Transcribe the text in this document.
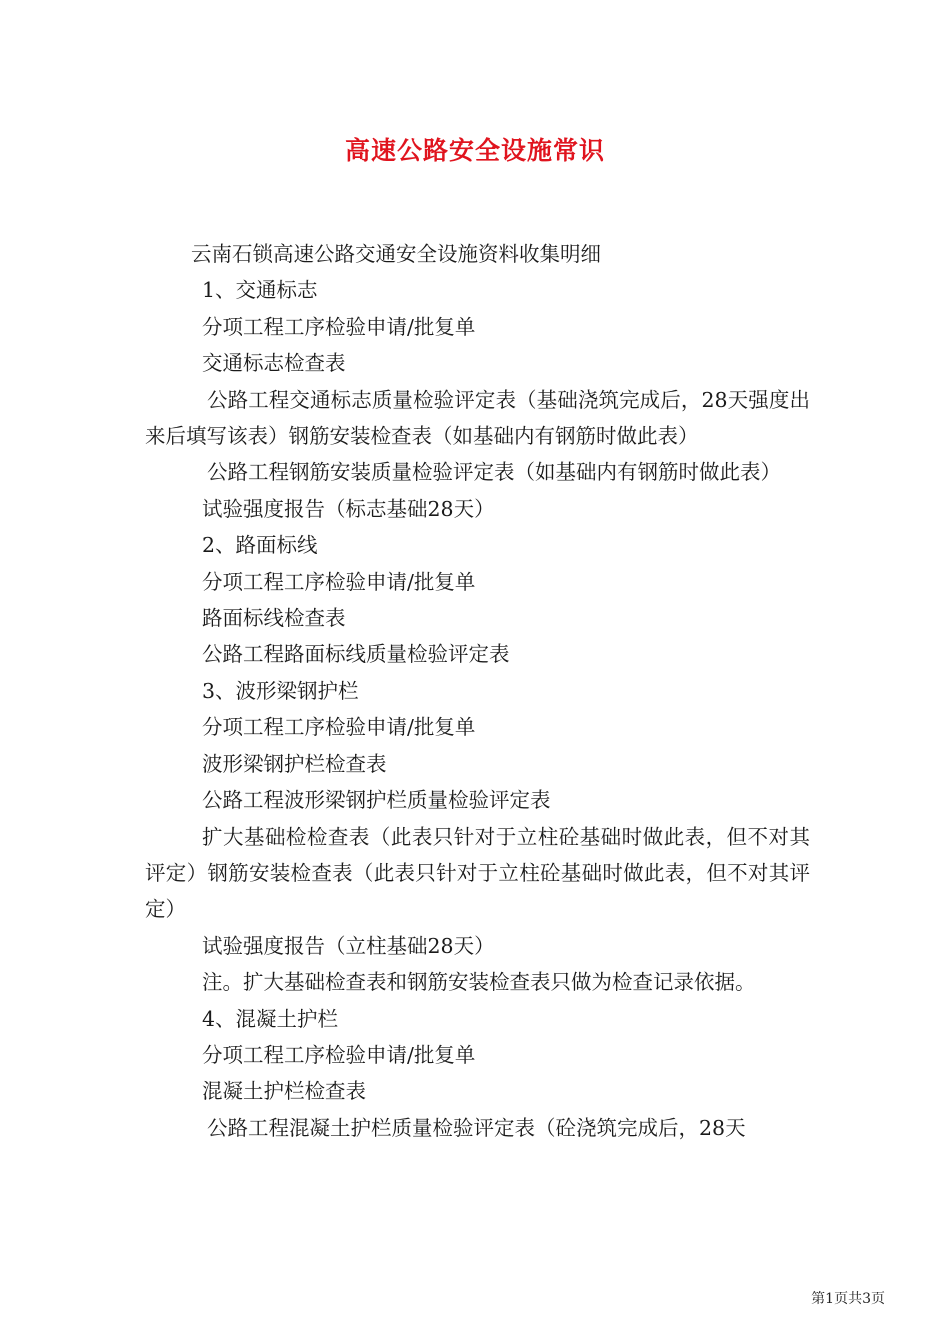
高速公路安全设施常识

云南石锁高速公路交通安全设施资料收集明细

1、交通标志

分项工程工序检验申请/批复单

交通标志检查表

公路工程交通标志质量检验评定表（基础浇筑完成后，28天强度出来后填写该表）钢筋安装检查表（如基础内有钢筋时做此表）

公路工程钢筋安装质量检验评定表（如基础内有钢筋时做此表）

试验强度报告（标志基础28天）

2、路面标线

分项工程工序检验申请/批复单

路面标线检查表

公路工程路面标线质量检验评定表

3、波形梁钢护栏

分项工程工序检验申请/批复单

波形梁钢护栏检查表

公路工程波形梁钢护栏质量检验评定表

扩大基础检检查表（此表只针对于立柱砼基础时做此表，但不对其评定）钢筋安装检查表（此表只针对于立柱砼基础时做此表，但不对其评定）

试验强度报告（立柱基础28天）

注。扩大基础检查表和钢筋安装检查表只做为检查记录依据。

4、混凝土护栏

分项工程工序检验申请/批复单

混凝土护栏检查表

公路工程混凝土护栏质量检验评定表（砼浇筑完成后，28天

第1页共3页
